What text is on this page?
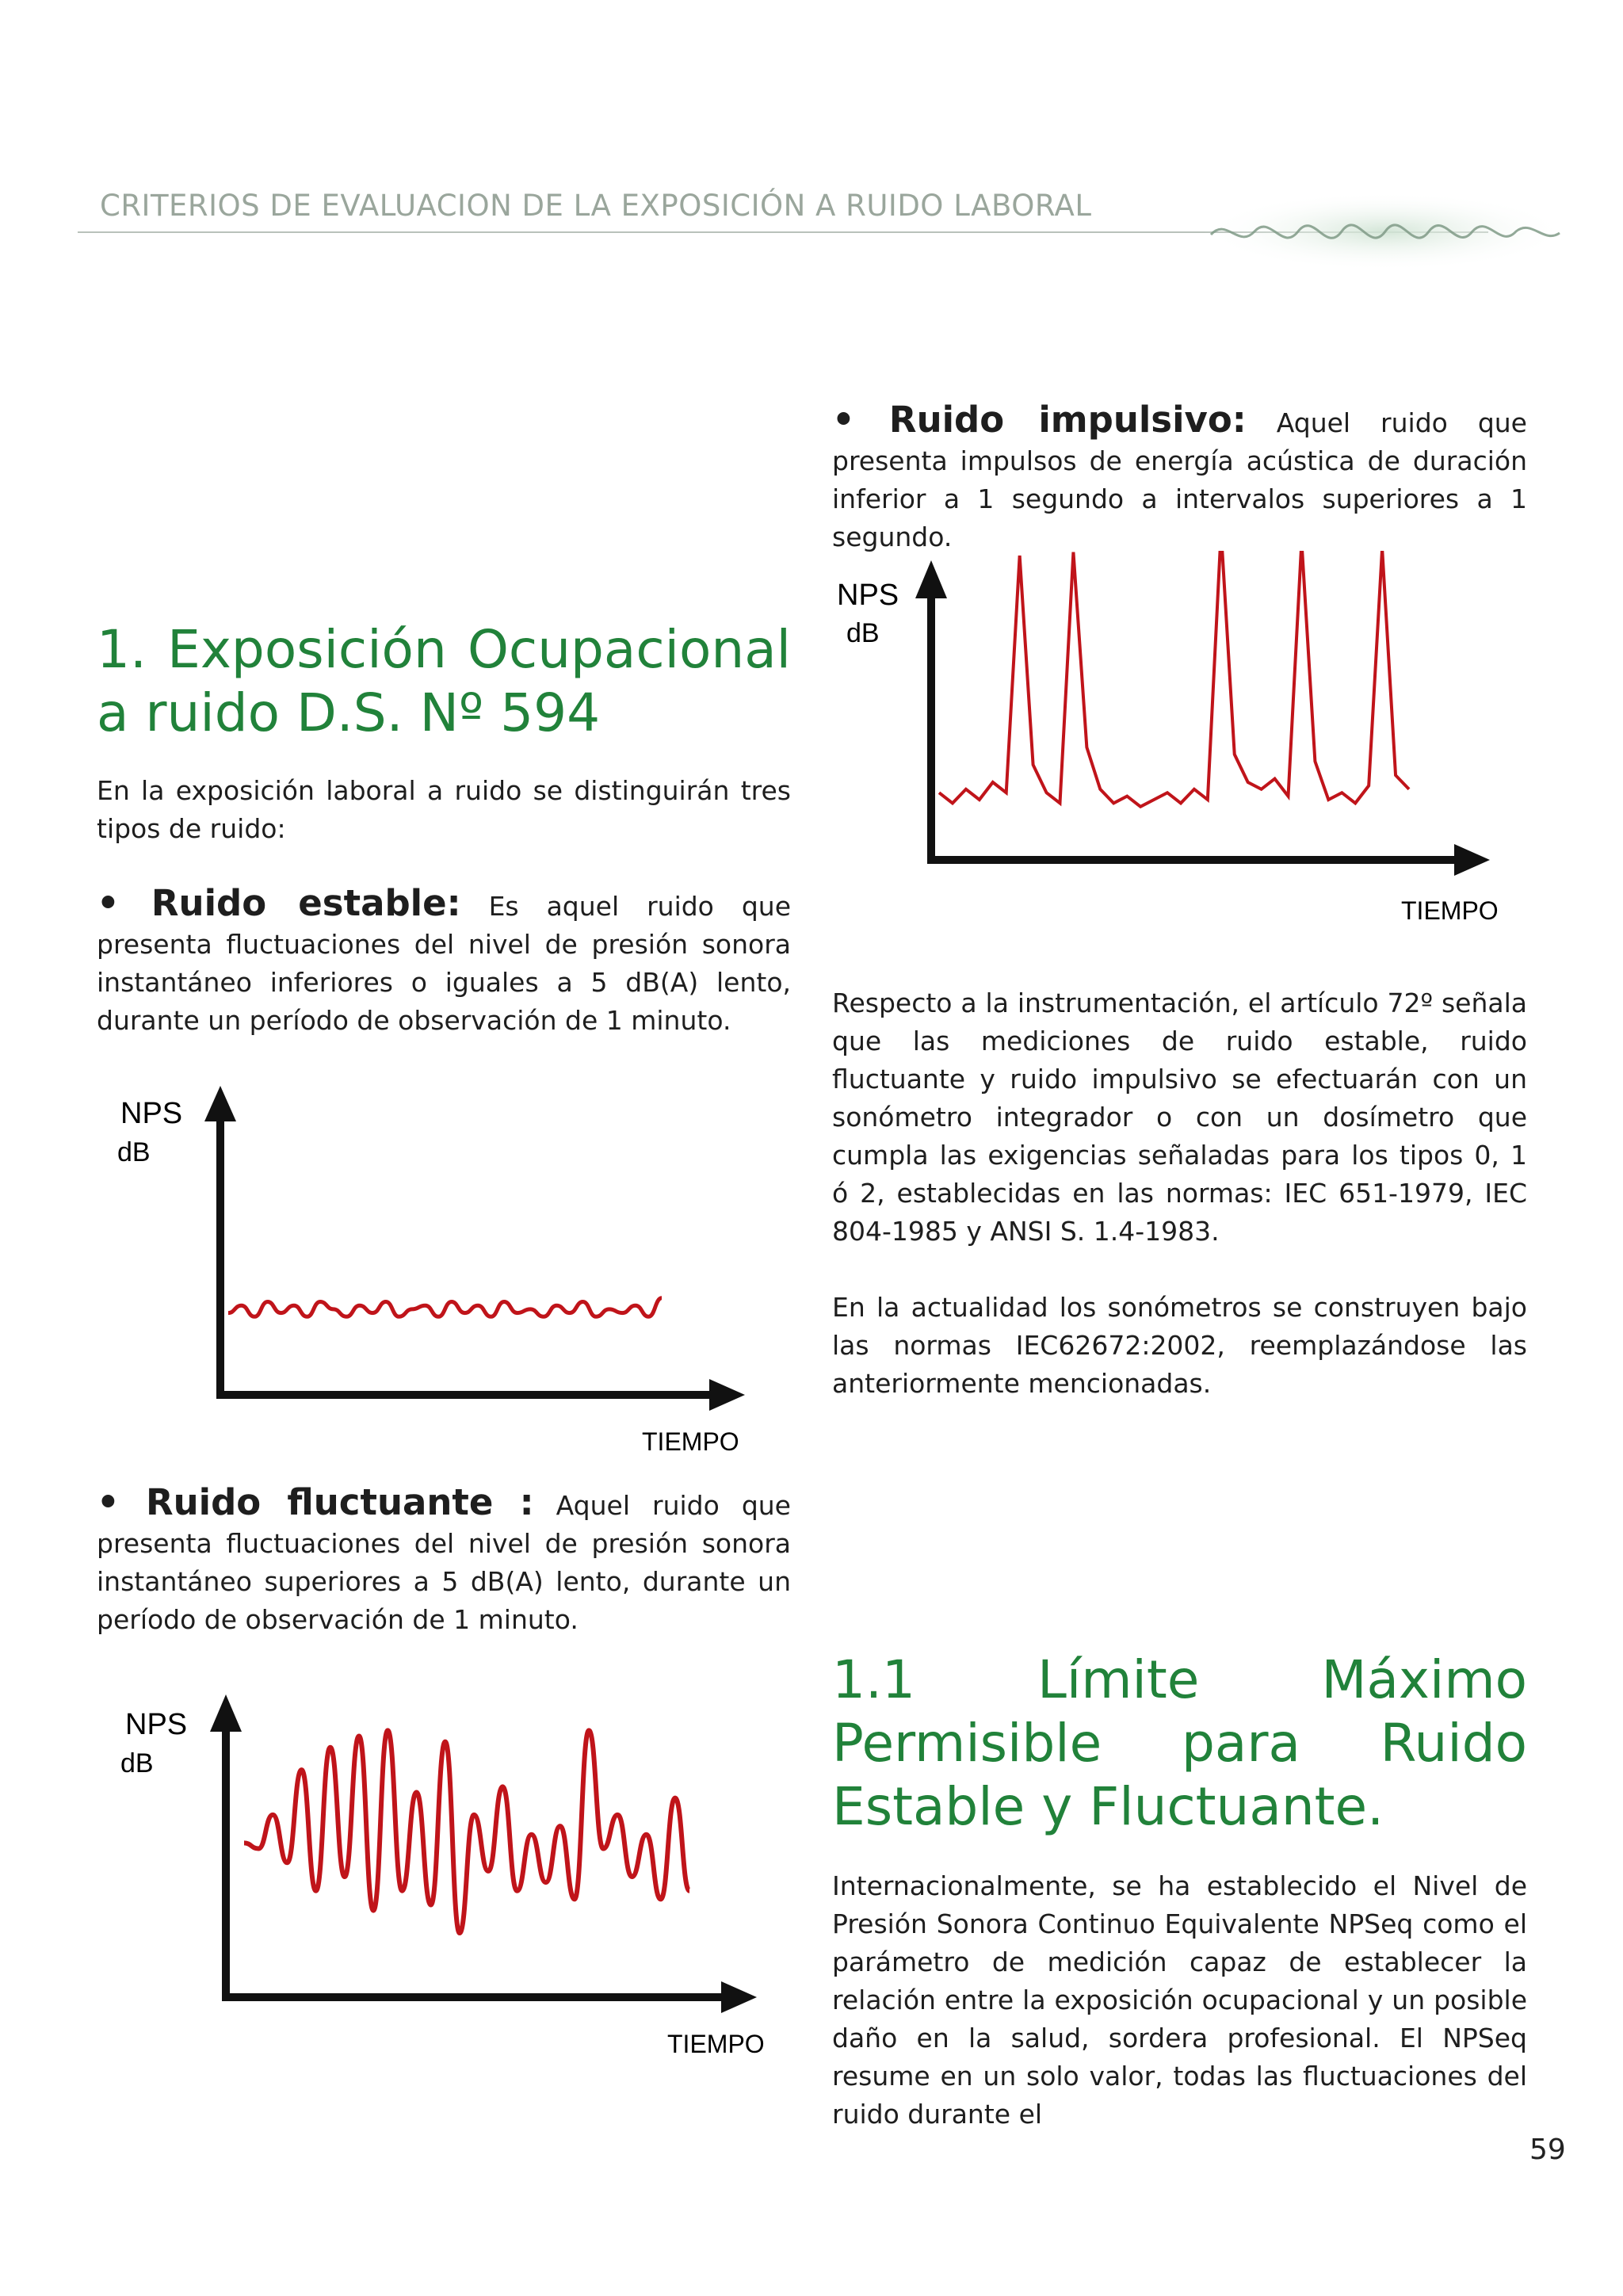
CRITERIOS DE EVALUACION DE LA EXPOSICIÓN A RUIDO LABORAL
1. Exposición Ocupacional a ruido D.S. Nº 594

En la exposición laboral a ruido se distinguirán tres tipos de ruido:

• Ruido estable: Es aquel ruido que presenta fluctuaciones del nivel de presión sonora instantáneo inferiores o iguales a 5 dB(A) lento, durante un período de observación de 1 minuto.

NPS
dB
TIEMPO

• Ruido fluctuante : Aquel ruido que presenta fluctuaciones del nivel de presión sonora instantáneo superiores a 5 dB(A) lento, durante un período de observación de 1 minuto.

NPS
dB
TIEMPO

• Ruido impulsivo: Aquel ruido que presenta impulsos de energía acústica de duración inferior a 1 segundo a intervalos superiores a 1 segundo.

NPS
dB
TIEMPO

Respecto a la instrumentación, el artículo 72º señala que las mediciones de ruido estable, ruido fluctuante y ruido impulsivo se efectuarán con un sonómetro integrador o con un dosímetro que cumpla las exigencias señaladas para los tipos 0, 1 ó 2, establecidas en las normas: IEC 651-1979, IEC 804-1985 y ANSI S. 1.4-1983.

En la actualidad los sonómetros se construyen bajo las normas IEC62672:2002, reemplazándose las anteriormente mencionadas.

1.1 Límite Máximo Permisible para Ruido Estable y Fluctuante.

Internacionalmente, se ha establecido el Nivel de Presión Sonora Continuo Equivalente NPSeq como el parámetro de medición capaz de establecer la relación entre la exposición ocupacional y un posible daño en la salud, sordera profesional. El NPSeq resume en un solo valor, todas las fluctuaciones del ruido durante el

59
